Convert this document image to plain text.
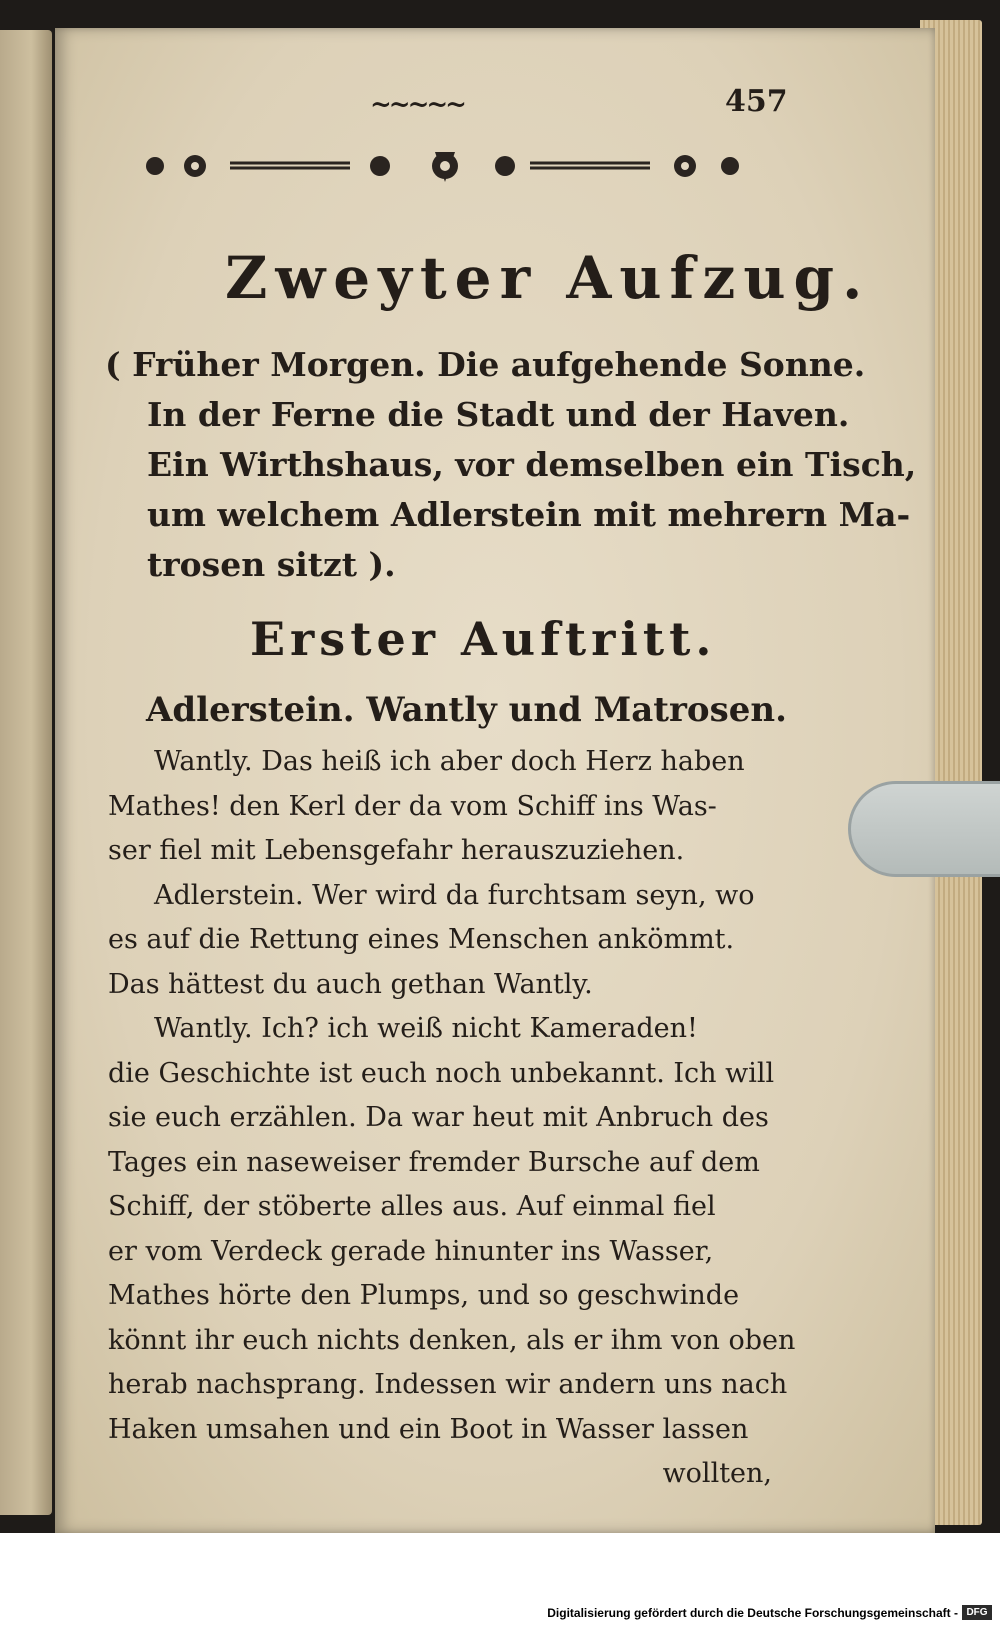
~~~~~	457
Zweyter Aufzug.
( Früher Morgen. Die aufgehende Sonne.
In der Ferne die Stadt und der Haven.
Ein Wirthshaus, vor demselben ein Tisch,
um welchem Adlerstein mit mehrern Ma-
trosen sitzt ).
Erster Auftritt.
Adlerstein. Wantly und Matrosen.
Wantly. Das heiß ich aber doch Herz haben
Mathes! den Kerl der da vom Schiff ins Was-
ser fiel mit Lebensgefahr herauszuziehen.
Adlerstein. Wer wird da furchtsam seyn, wo
es auf die Rettung eines Menschen ankömmt.
Das hättest du auch gethan Wantly.
Wantly. Ich? ich weiß nicht Kameraden!
die Geschichte ist euch noch unbekannt. Ich will
sie euch erzählen. Da war heut mit Anbruch des
Tages ein naseweiser fremder Bursche auf dem
Schiff, der stöberte alles aus. Auf einmal fiel
er vom Verdeck gerade hinunter ins Wasser,
Mathes hörte den Plumps, und so geschwinde
könnt ihr euch nichts denken, als er ihm von oben
herab nachsprang. Indessen wir andern uns nach
Haken umsahen und ein Boot in Wasser lassen
wollten,
Digitalisierung gefördert durch die Deutsche Forschungsgemeinschaft - DFG
